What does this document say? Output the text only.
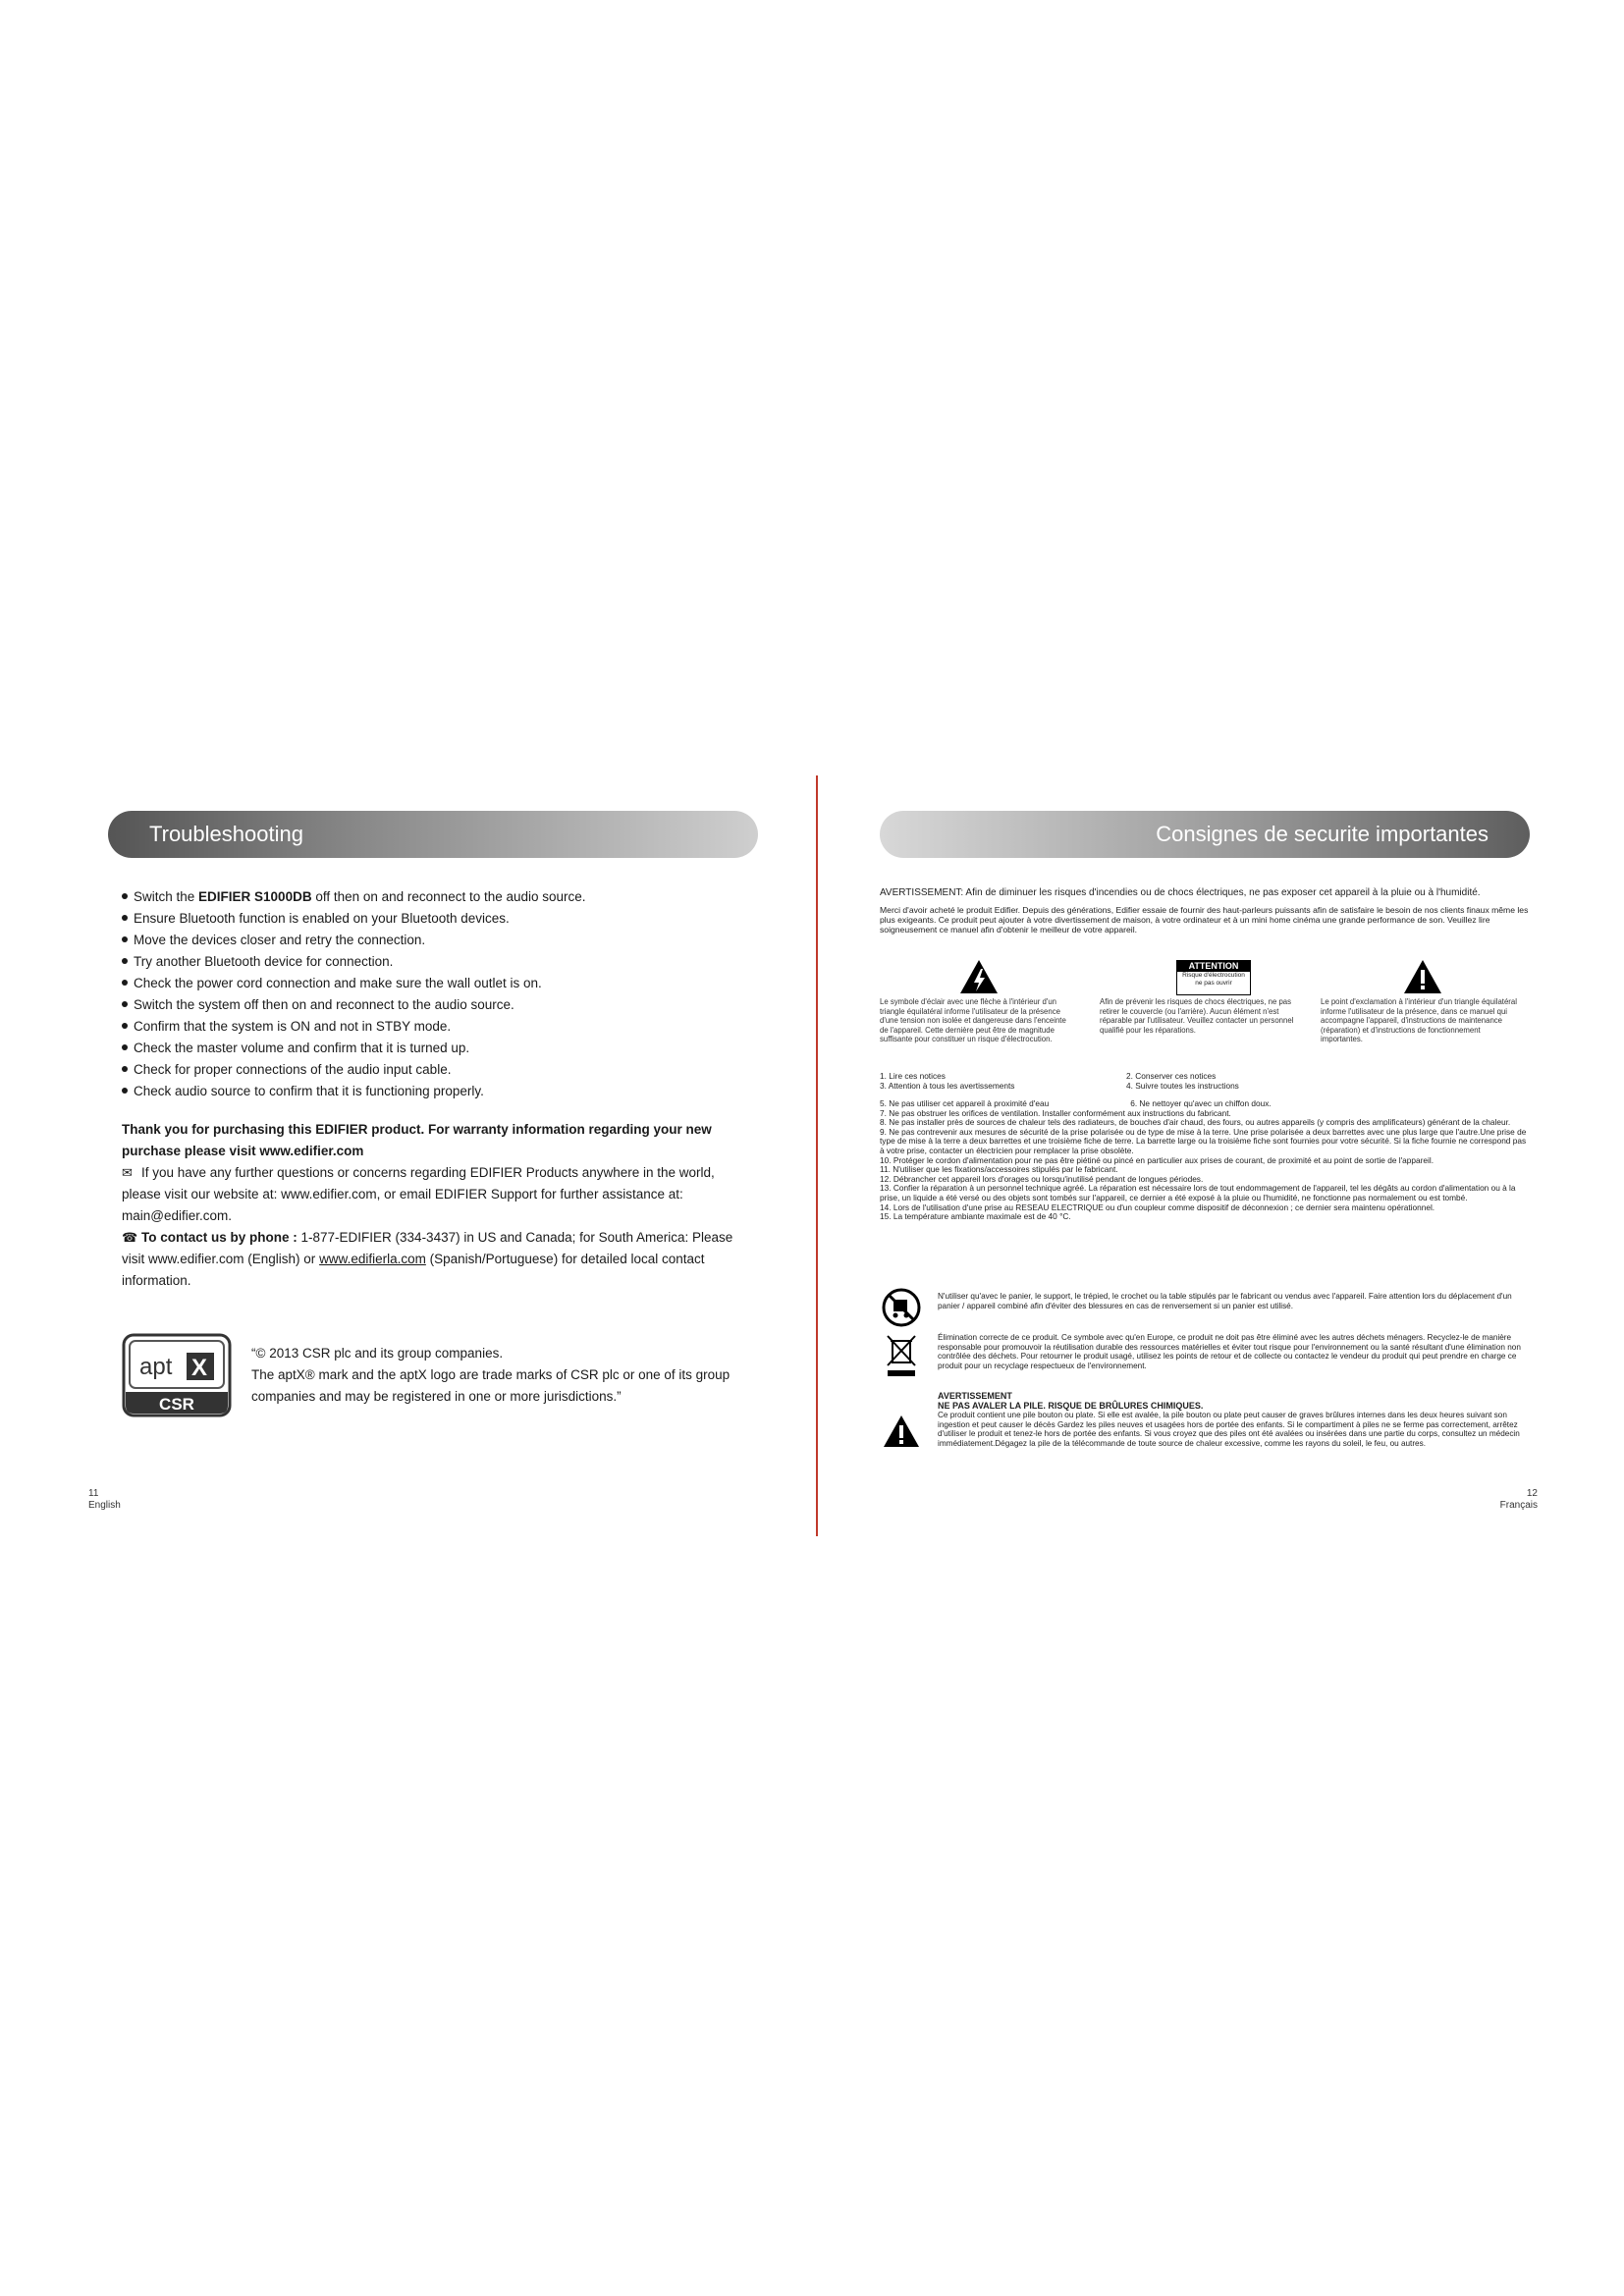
Troubleshooting
Switch the EDIFIER S1000DB off then on and reconnect to the audio source.
Ensure Bluetooth function is enabled on your Bluetooth devices.
Move the devices closer and retry the connection.
Try another Bluetooth device for connection.
Check the power cord connection and make sure the wall outlet is on.
Switch the system off then on and reconnect to the audio source.
Confirm that the system is ON and not in STBY mode.
Check the master volume and confirm that it is turned up.
Check for proper connections of the audio input cable.
Check audio source to confirm that it is functioning properly.
Thank you for purchasing this EDIFIER product. For warranty information regarding your new purchase please visit www.edifier.com
✉ If you have any further questions or concerns regarding EDIFIER Products anywhere in the world, please visit our website at: www.edifier.com, or email EDIFIER Support for further assistance at: main@edifier.com.
☎ To contact us by phone : 1-877-EDIFIER (334-3437) in US and Canada; for South America: Please visit www.edifier.com (English) or www.edifierla.com (Spanish/Portuguese) for detailed local contact information.
apt X
CSR
“© 2013 CSR plc and its group companies.
The aptX® mark and the aptX logo are trade marks of CSR plc or one of its group companies and may be registered in one or more jurisdictions.”
11
English
Consignes de securite importantes
AVERTISSEMENT: Afin de diminuer les risques d'incendies ou de chocs électriques, ne pas exposer cet appareil à la pluie ou à l'humidité.
Merci d'avoir acheté le produit Edifier. Depuis des générations, Edifier essaie de fournir des haut-parleurs puissants afin de satisfaire le besoin de nos clients finaux même les plus exigeants. Ce produit peut ajouter à votre divertissement de maison, à votre ordinateur et à un mini home cinéma une grande performance de son. Veuillez lire soigneusement ce manuel afin d'obtenir le meilleur de votre appareil.
ATTENTION
Risque d'électrocution
ne pas ouvrir
Le symbole d'éclair avec une flèche à l'intérieur d'un triangle équilatéral informe l'utilisateur de la présence d'une tension non isolée et dangereuse dans l'enceinte de l'appareil. Cette dernière peut être de magnitude suffisante pour constituer un risque d'électrocution.
Afin de prévenir les risques de chocs électriques, ne pas retirer le couvercle (ou l'arrière). Aucun élément n'est réparable par l'utilisateur. Veuillez contacter un personnel qualifié pour les réparations.
Le point d'exclamation à l'intérieur d'un triangle équilatéral informe l'utilisateur de la présence, dans ce manuel qui accompagne l'appareil, d'instructions de maintenance (réparation) et d'instructions de fonctionnement importantes.
1. Lire ces notices
3. Attention à tous les avertissements
2. Conserver ces notices
4. Suivre toutes les instructions
5. Ne pas utiliser cet appareil à proximité d'eau                                    6. Ne nettoyer qu'avec un chiffon doux.
7. Ne pas obstruer les orifices de ventilation. Installer conformément aux instructions du fabricant.
8. Ne pas installer près de sources de chaleur tels des radiateurs, de bouches d'air chaud, des fours, ou autres appareils (y compris des amplificateurs) générant de la chaleur.
9. Ne pas contrevenir aux mesures de sécurité de la prise polarisée ou de type de mise à la terre. Une prise polarisée a deux barrettes avec une plus large que l'autre.Une prise de type de mise à la terre a deux barrettes et une troisième fiche de terre. La barrette large ou la troisième fiche sont fournies pour votre sécurité. Si la fiche fournie ne correspond pas à votre prise, contacter un électricien pour remplacer la prise obsolète.
10. Protéger le cordon d'alimentation pour ne pas être piétiné ou pincé en particulier aux prises de courant, de proximité et au point de sortie de l'appareil.
11. N'utiliser que les fixations/accessoires stipulés par le fabricant.
12. Débrancher cet appareil lors d'orages ou lorsqu'inutilisé pendant de longues périodes.
13. Confier la réparation à un personnel technique agréé. La réparation est nécessaire lors de tout endommagement de l'appareil, tel les dégâts au cordon d'alimentation ou à la prise, un liquide a été versé ou des objets sont tombés sur l'appareil, ce dernier a été exposé à la pluie ou l'humidité, ne fonctionne pas normalement ou est tombé.
14. Lors de l'utilisation d'une prise au RESEAU ELECTRIQUE ou d'un coupleur comme dispositif de déconnexion ; ce dernier sera maintenu opérationnel.
15. La température ambiante maximale est de 40 °C.
N'utiliser qu'avec le panier, le support, le trépied, le crochet ou la table stipulés par le fabricant ou vendus avec l'appareil. Faire attention lors du déplacement d'un panier / appareil combiné afin d'éviter des blessures en cas de renversement si un panier est utilisé.
Élimination correcte de ce produit. Ce symbole avec qu'en Europe, ce produit ne doit pas être éliminé avec les autres déchets ménagers. Recyclez-le de manière responsable pour promouvoir la réutilisation durable des ressources matérielles et éviter tout risque pour l'environnement ou la santé résultant d'une élimination non contrôlée des déchets. Pour retourner le produit usagé, utilisez les points de retour et de collecte ou contactez le vendeur du produit qui peut prendre en charge ce produit pour un recyclage respectueux de l'environnement.
AVERTISSEMENT
NE PAS AVALER LA PILE. RISQUE DE BRÛLURES CHIMIQUES.
Ce produit contient une pile bouton ou plate. Si elle est avalée, la pile bouton ou plate peut causer de graves brûlures internes dans les deux heures suivant son ingestion et peut causer le décès Gardez les piles neuves et usagées hors de portée des enfants. Si le compartiment à piles ne se ferme pas correctement, arrêtez d'utiliser le produit et tenez-le hors de portée des enfants. Si vous croyez que des piles ont été avalées ou insérées dans une partie du corps, consultez un médecin immédiatement.Dégagez la pile de la télécommande de toute source de chaleur excessive, comme les rayons du soleil, le feu, ou autres.
12
Français
